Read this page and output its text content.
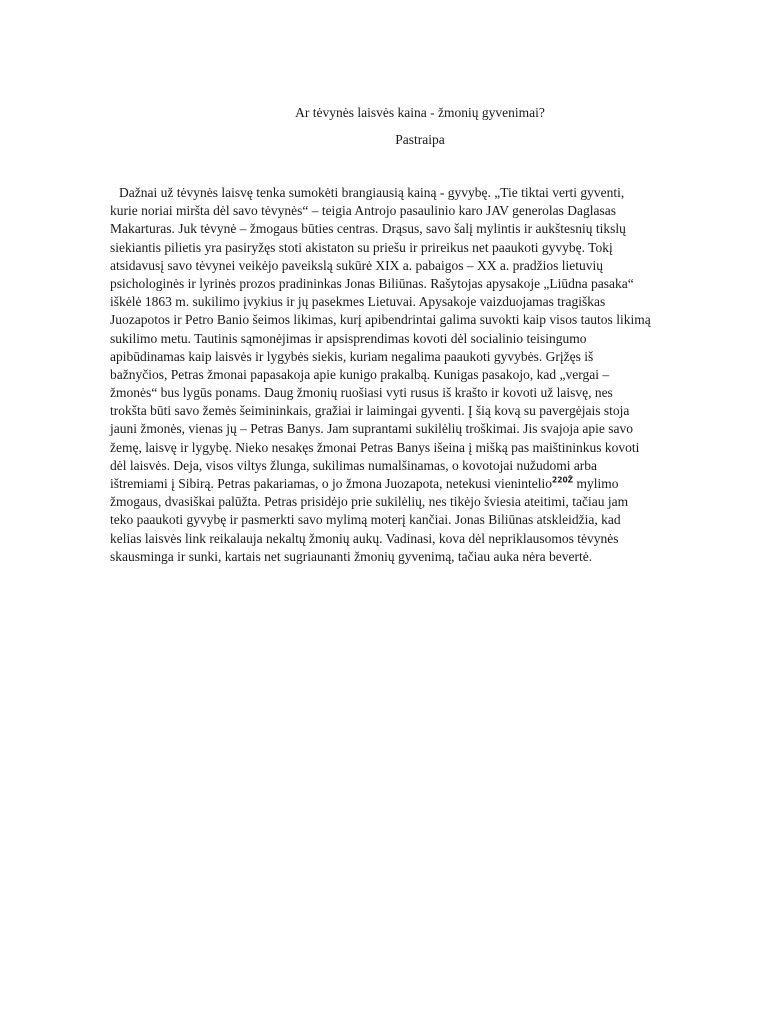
Ar tėvynės laisvės kaina - žmonių gyvenimai?

Pastraipa

Dažnai už tėvynės laisvę tenka sumokėti brangiausią kainą - gyvybę. „Tie tiktai verti gyventi,
kurie noriai miršta dėl savo tėvynės“ – teigia Antrojo pasaulinio karo JAV generolas Daglasas
Makarturas. Juk tėvynė – žmogaus būties centras. Drąsus, savo šalį mylintis ir aukštesnių tikslų
siekiantis pilietis yra pasiryžęs stoti akistaton su priešu ir prireikus net paaukoti gyvybę. Tokį
atsidavusį savo tėvynei veikėjo paveikslą sukūrė XIX a. pabaigos – XX a. pradžios lietuvių
psichologinės ir lyrinės prozos pradininkas Jonas Biliūnas. Rašytojas apysakoje „Liūdna pasaka“
iškėlė 1863 m. sukilimo įvykius ir jų pasekmes Lietuvai. Apysakoje vaizduojamas tragiškas
Juozapotos ir Petro Banio šeimos likimas, kurį apibendrintai galima suvokti kaip visos tautos likimą
sukilimo metu. Tautinis sąmonėjimas ir apsisprendimas kovoti dėl socialinio teisingumo
apibūdinamas kaip laisvės ir lygybės siekis, kuriam negalima paaukoti gyvybės. Grįžęs iš
bažnyčios, Petras žmonai papasakoja apie kunigo prakalbą. Kunigas pasakojo, kad „vergai –
žmonės“ bus lygūs ponams. Daug žmonių ruošiasi vyti rusus iš krašto ir kovoti už laisvę, nes
trokšta būti savo žemės šeimininkais, gražiai ir laimingai gyventi. Į šią kovą su pavergėjais stoja
jauni žmonės, vienas jų – Petras Banys. Jam suprantami sukilėlių troškimai. Jis svajoja apie savo
žemę, laisvę ir lygybę. Nieko nesakęs žmonai Petras Banys išeina į mišką pas maištininkus kovoti
dėl laisvės. Deja, visos viltys žlunga, sukilimas numalšinamas, o kovotojai nužudomi arba
ištremiami į Sibirą. Petras pakariamas, o jo žmona Juozapota, netekusi vienintelio$^{220Ž}$ mylimo
žmogaus, dvasiškai palūžta. Petras prisidėjo prie sukilėlių, nes tikėjo šviesia ateitimi, tačiau jam
teko paaukoti gyvybę ir pasmerkti savo mylimą moterį kančiai. Jonas Biliūnas atskleidžia, kad
kelias laisvės link reikalauja nekaltų žmonių aukų. Vadinasi, kova dėl nepriklausomos tėvynės
skausminga ir sunki, kartais net sugriaunanti žmonių gyvenimą, tačiau auka nėra bevertė.
